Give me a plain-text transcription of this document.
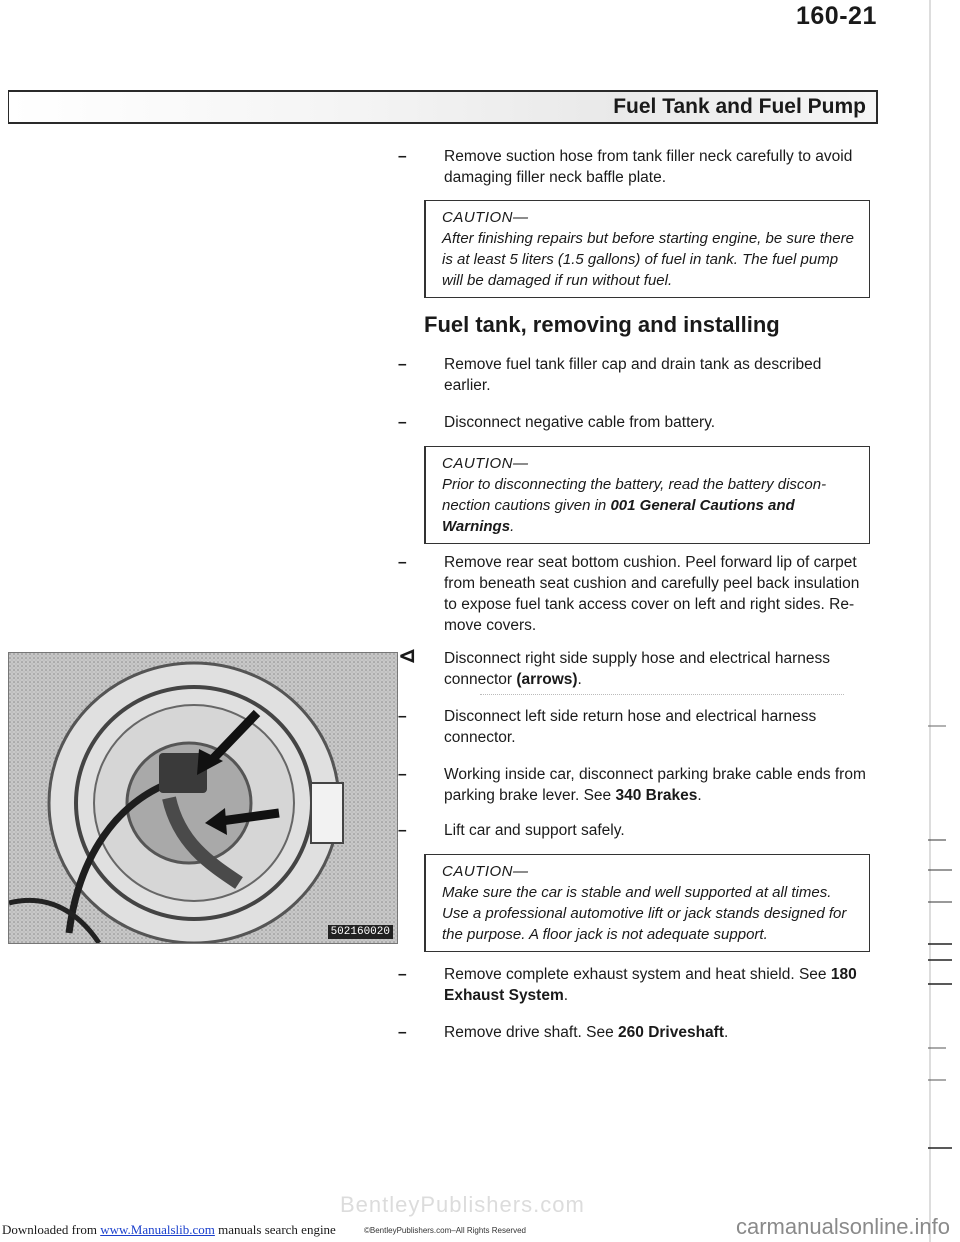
160-21
Fuel Tank and Fuel Pump
– Remove suction hose from tank filler neck carefully to avoid damaging filler neck baffle plate.
CAUTION—
After finishing repairs but before starting engine, be sure there is at least 5 liters (1.5 gallons) of fuel in tank. The fuel pump will be damaged if run without fuel.
Fuel tank, removing and installing
– Remove fuel tank filler cap and drain tank as described earlier.
– Disconnect negative cable from battery.
CAUTION—
Prior to disconnecting the battery, read the battery discon-nection cautions given in 001 General Cautions and Warnings.
– Remove rear seat bottom cushion. Peel forward lip of carpet from beneath seat cushion and carefully peel back insulation to expose fuel tank access cover on left and right sides. Re-move covers.
⊲ Disconnect right side supply hose and electrical harness connector (arrows).
– Disconnect left side return hose and electrical harness connector.
– Working inside car, disconnect parking brake cable ends from parking brake lever. See 340 Brakes.
– Lift car and support safely.
CAUTION—
Make sure the car is stable and well supported at all times. Use a professional automotive lift or jack stands designed for the purpose. A floor jack is not adequate support.
– Remove complete exhaust system and heat shield. See 180 Exhaust System.
– Remove drive shaft. See 260 Driveshaft.
502160020
BentleyPublishers.com
Downloaded from www.Manualslib.com manuals search engine	©BentleyPublishers.com–All Rights Reserved	carmanualsonline.info
